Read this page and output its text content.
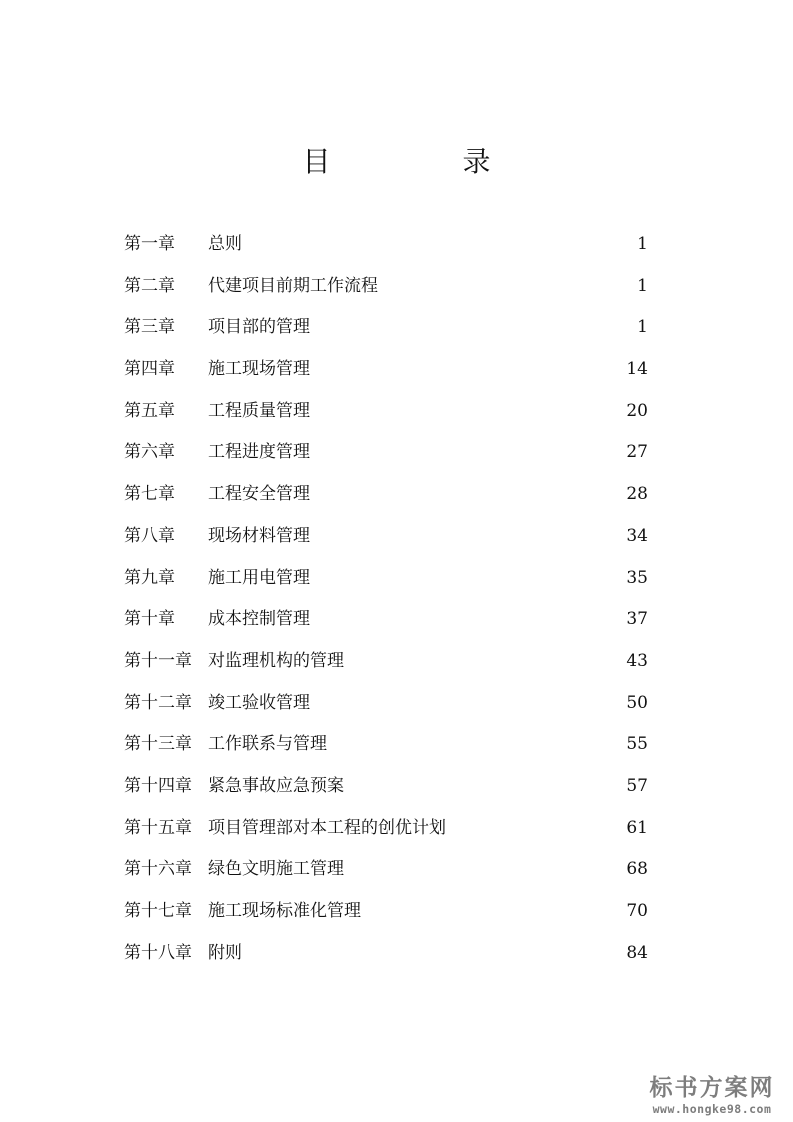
目　录
第一章 总则	1
第二章 代建项目前期工作流程	1
第三章 项目部的管理	1
第四章 施工现场管理	14
第五章 工程质量管理	20
第六章 工程进度管理	27
第七章 工程安全管理	28
第八章 现场材料管理	34
第九章 施工用电管理	35
第十章 成本控制管理	37
第十一章 对监理机构的管理	43
第十二章 竣工验收管理	50
第十三章 工作联系与管理	55
第十四章 紧急事故应急预案	57
第十五章 项目管理部对本工程的创优计划	61
第十六章 绿色文明施工管理	68
第十七章 施工现场标准化管理	70
第十八章 附则	84
标书方案网
www.hongke98.com
